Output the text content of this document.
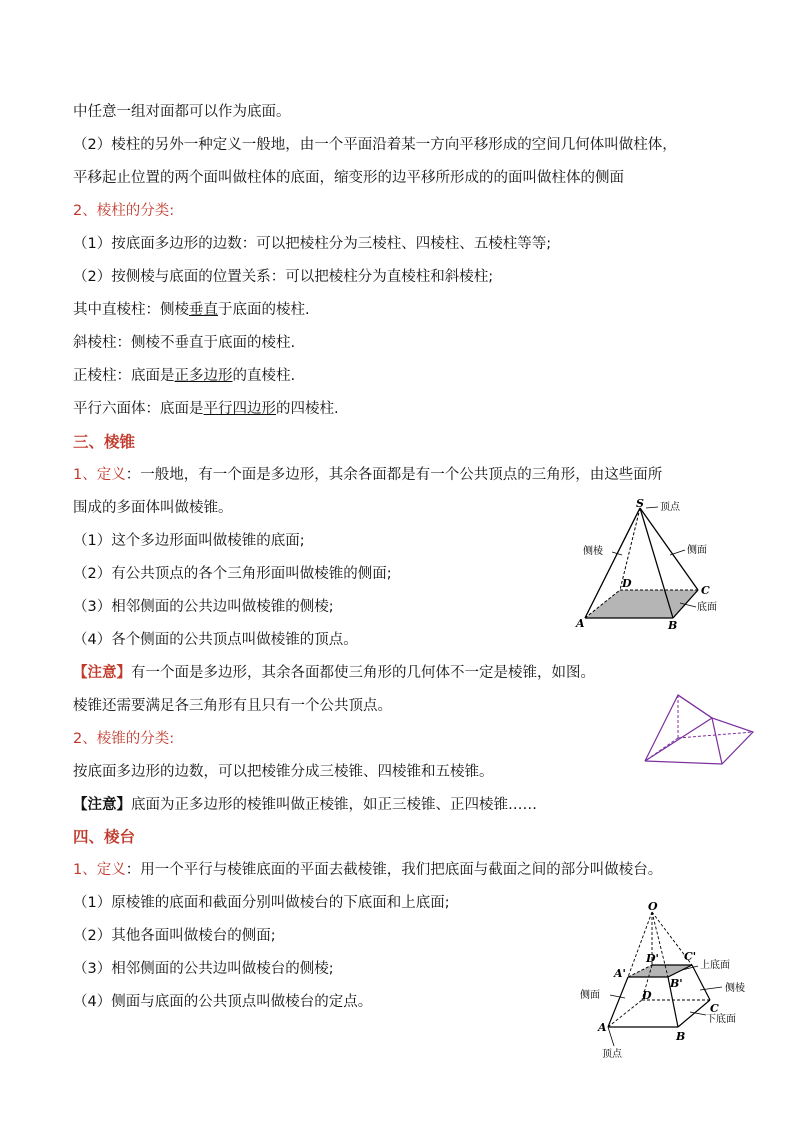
中任意一组对面都可以作为底面。
（2）棱柱的另外一种定义一般地，由一个平面沿着某一方向平移形成的空间几何体叫做柱体，
平移起止位置的两个面叫做柱体的底面，缩变形的边平移所形成的的面叫做柱体的侧面
2、棱柱的分类:
（1）按底面多边形的边数：可以把棱柱分为三棱柱、四棱柱、五棱柱等等;
（2）按侧棱与底面的位置关系：可以把棱柱分为直棱柱和斜棱柱;
其中直棱柱：侧棱垂直于底面的棱柱.
斜棱柱：侧棱不垂直于底面的棱柱.
正棱柱：底面是正多边形的直棱柱.
平行六面体：底面是平行四边形的四棱柱.
三、棱锥
1、定义：一般地，有一个面是多边形，其余各面都是有一个公共顶点的三角形，由这些面所
围成的多面体叫做棱锥。
（1）这个多边形面叫做棱锥的底面;
（2）有公共顶点的各个三角形面叫做棱锥的侧面;
（3）相邻侧面的公共边叫做棱锥的侧棱;
（4）各个侧面的公共顶点叫做棱锥的顶点。
【注意】有一个面是多边形，其余各面都使三角形的几何体不一定是棱锥，如图。
棱锥还需要满足各三角形有且只有一个公共顶点。
2、棱锥的分类:
按底面多边形的边数，可以把棱锥分成三棱锥、四棱锥和五棱锥。
【注意】底面为正多边形的棱锥叫做正棱锥，如正三棱锥、正四棱锥……
四、棱台
1、定义：用一个平行与棱锥底面的平面去截棱锥，我们把底面与截面之间的部分叫做棱台。
（1）原棱锥的底面和截面分别叫做棱台的下底面和上底面;
（2）其他各面叫做棱台的侧面;
（3）相邻侧面的公共边叫做棱台的侧棱;
（4）侧面与底面的公共顶点叫做棱台的定点。
S 顶点
侧棱	侧面
D
C
底面
A	B
O
D' C'
上底面
A'
B'
侧面	D
侧棱
C
下底面
A
B
顶点
